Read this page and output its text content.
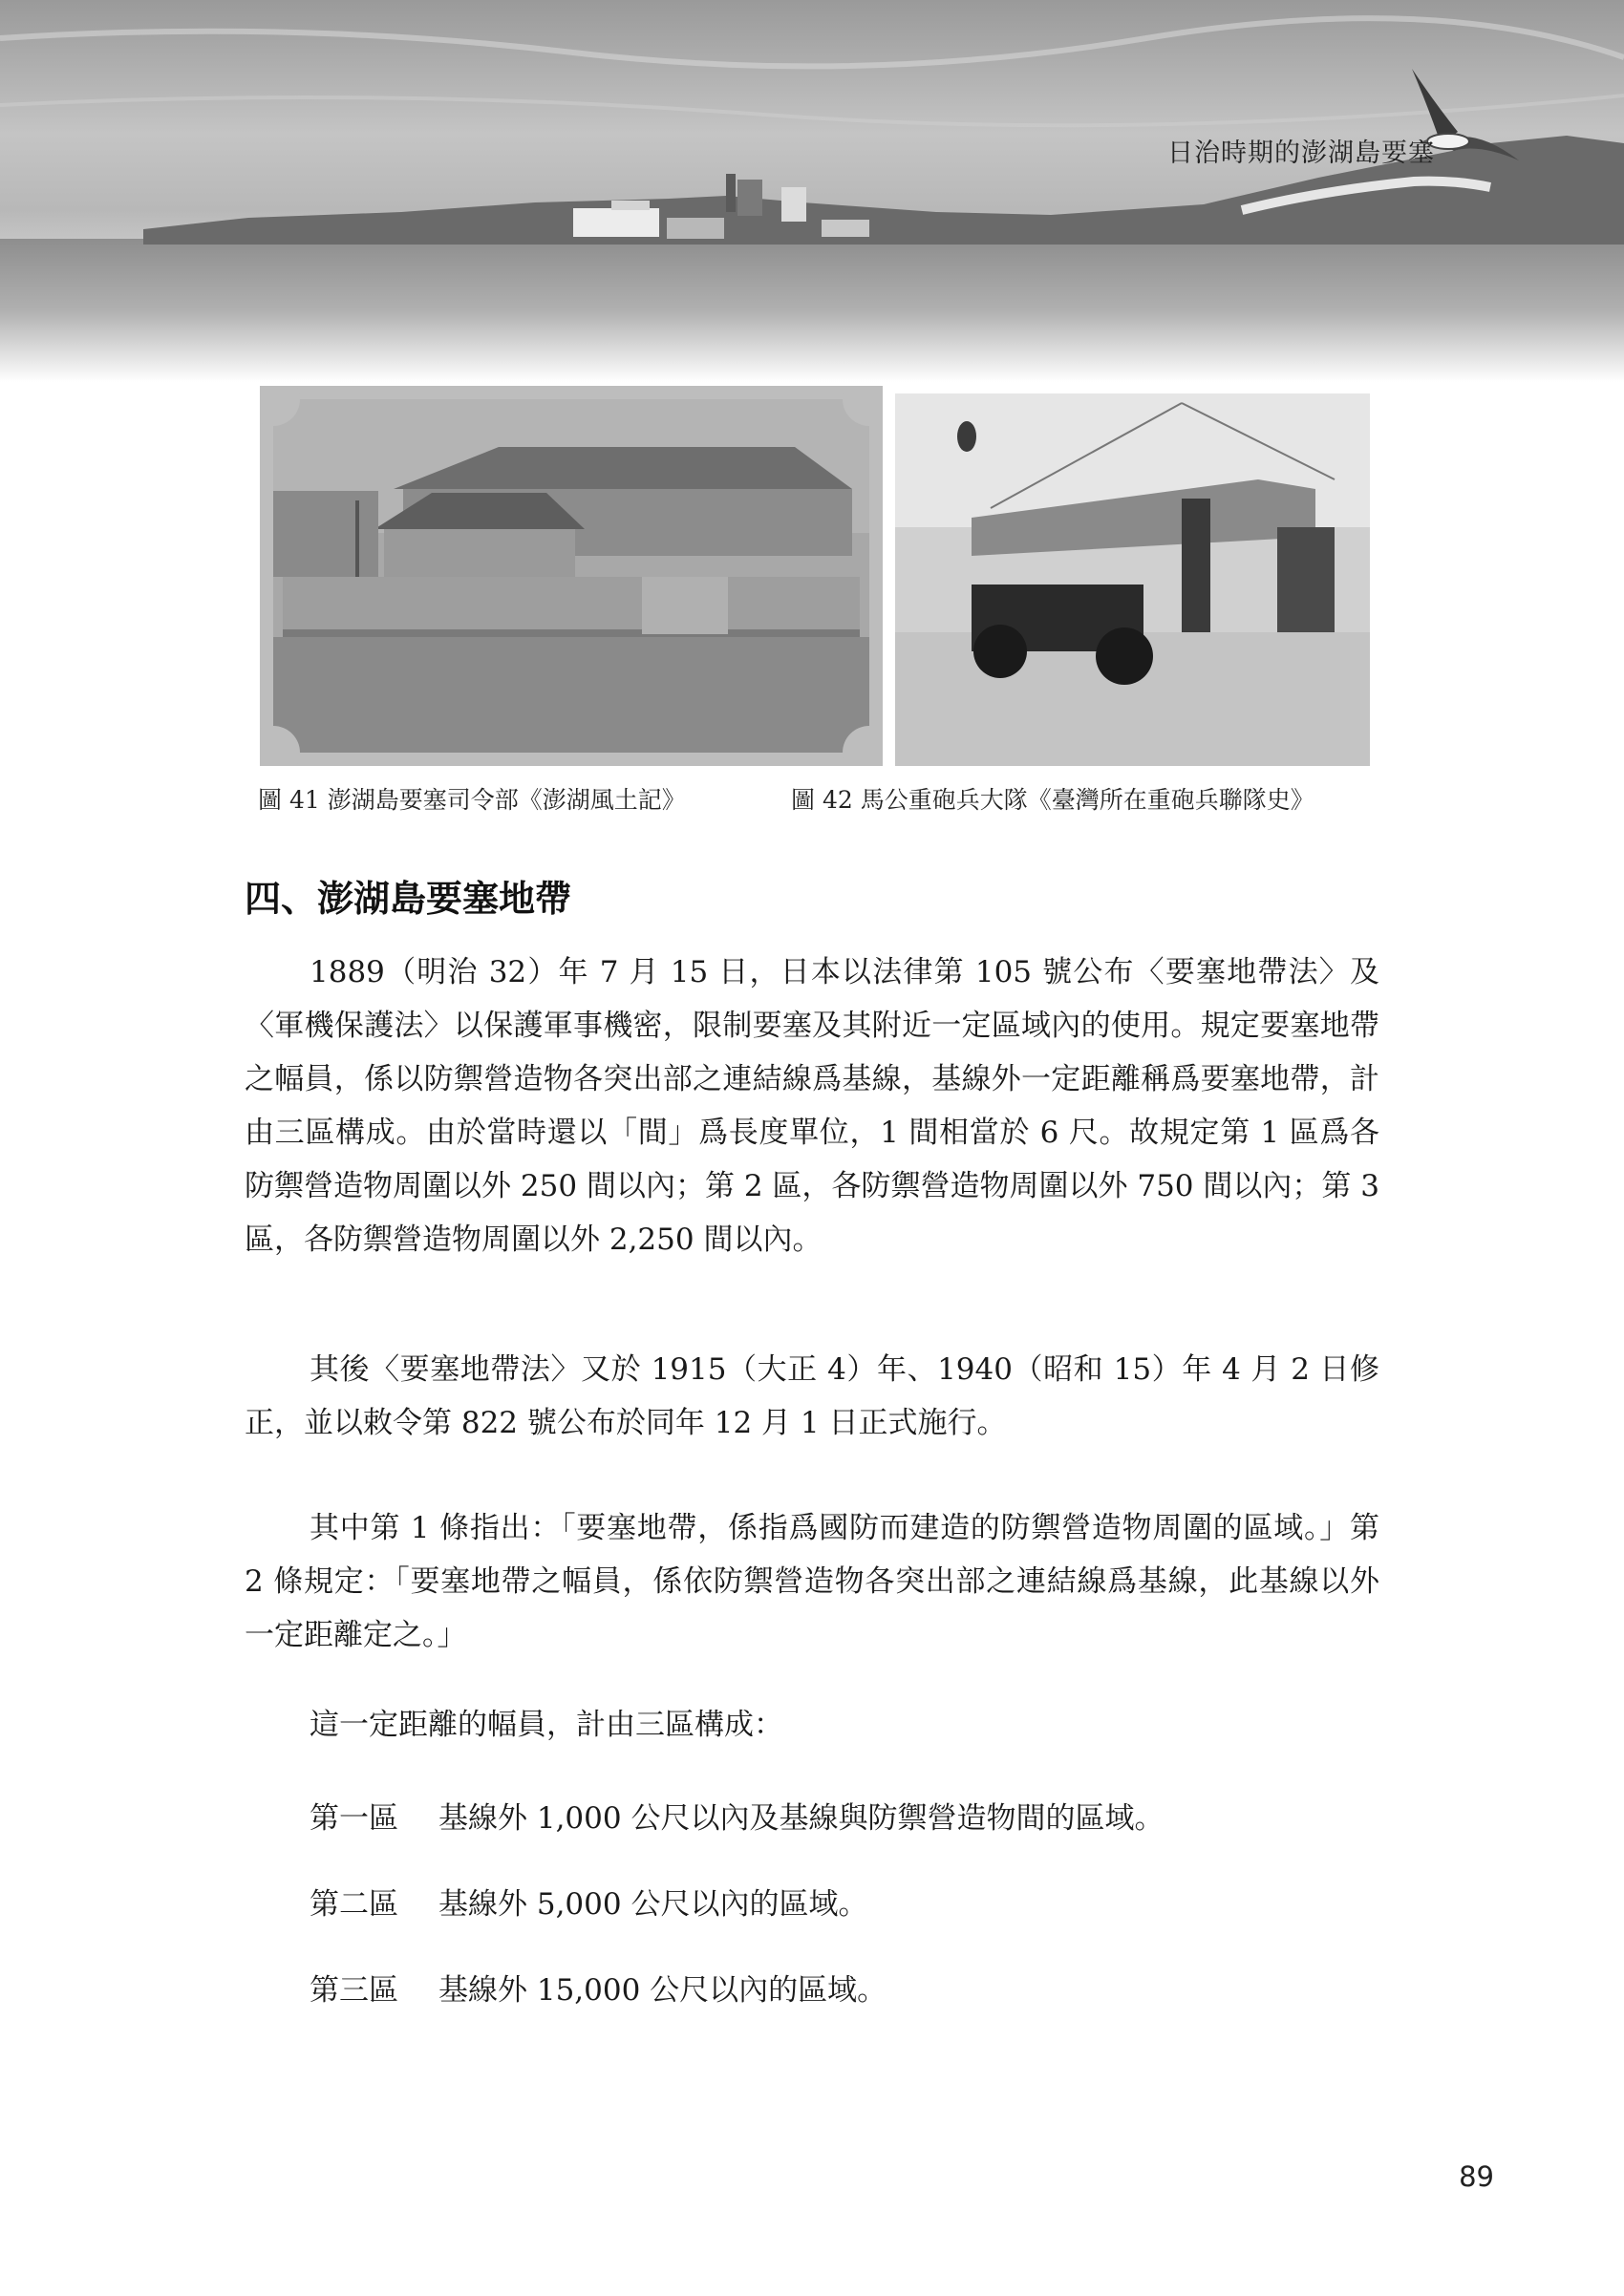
日治時期的澎湖島要塞
圖 41 澎湖島要塞司令部《澎湖風土記》	圖 42 馬公重砲兵大隊《臺灣所在重砲兵聯隊史》
四、澎湖島要塞地帶

1889（明治 32）年 7 月 15 日，日本以法律第 105 號公布〈要塞地帶法〉及〈軍機保護法〉以保護軍事機密，限制要塞及其附近一定區域內的使用。規定要塞地帶之幅員，係以防禦營造物各突出部之連結線爲基線，基線外一定距離稱爲要塞地帶，計由三區構成。由於當時還以「間」爲長度單位，1 間相當於 6 尺。故規定第 1 區爲各防禦營造物周圍以外 250 間以內；第 2 區，各防禦營造物周圍以外 750 間以內；第 3 區，各防禦營造物周圍以外 2,250 間以內。

其後〈要塞地帶法〉又於 1915（大正 4）年、1940（昭和 15）年 4 月 2 日修正，並以敕令第 822 號公布於同年 12 月 1 日正式施行。

其中第 1 條指出：「要塞地帶，係指爲國防而建造的防禦營造物周圍的區域。」第 2 條規定：「要塞地帶之幅員，係依防禦營造物各突出部之連結線爲基線，此基線以外一定距離定之。」

這一定距離的幅員，計由三區構成：

第一區 基線外 1,000 公尺以內及基線與防禦營造物間的區域。
第二區 基線外 5,000 公尺以內的區域。
第三區 基線外 15,000 公尺以內的區域。
89
